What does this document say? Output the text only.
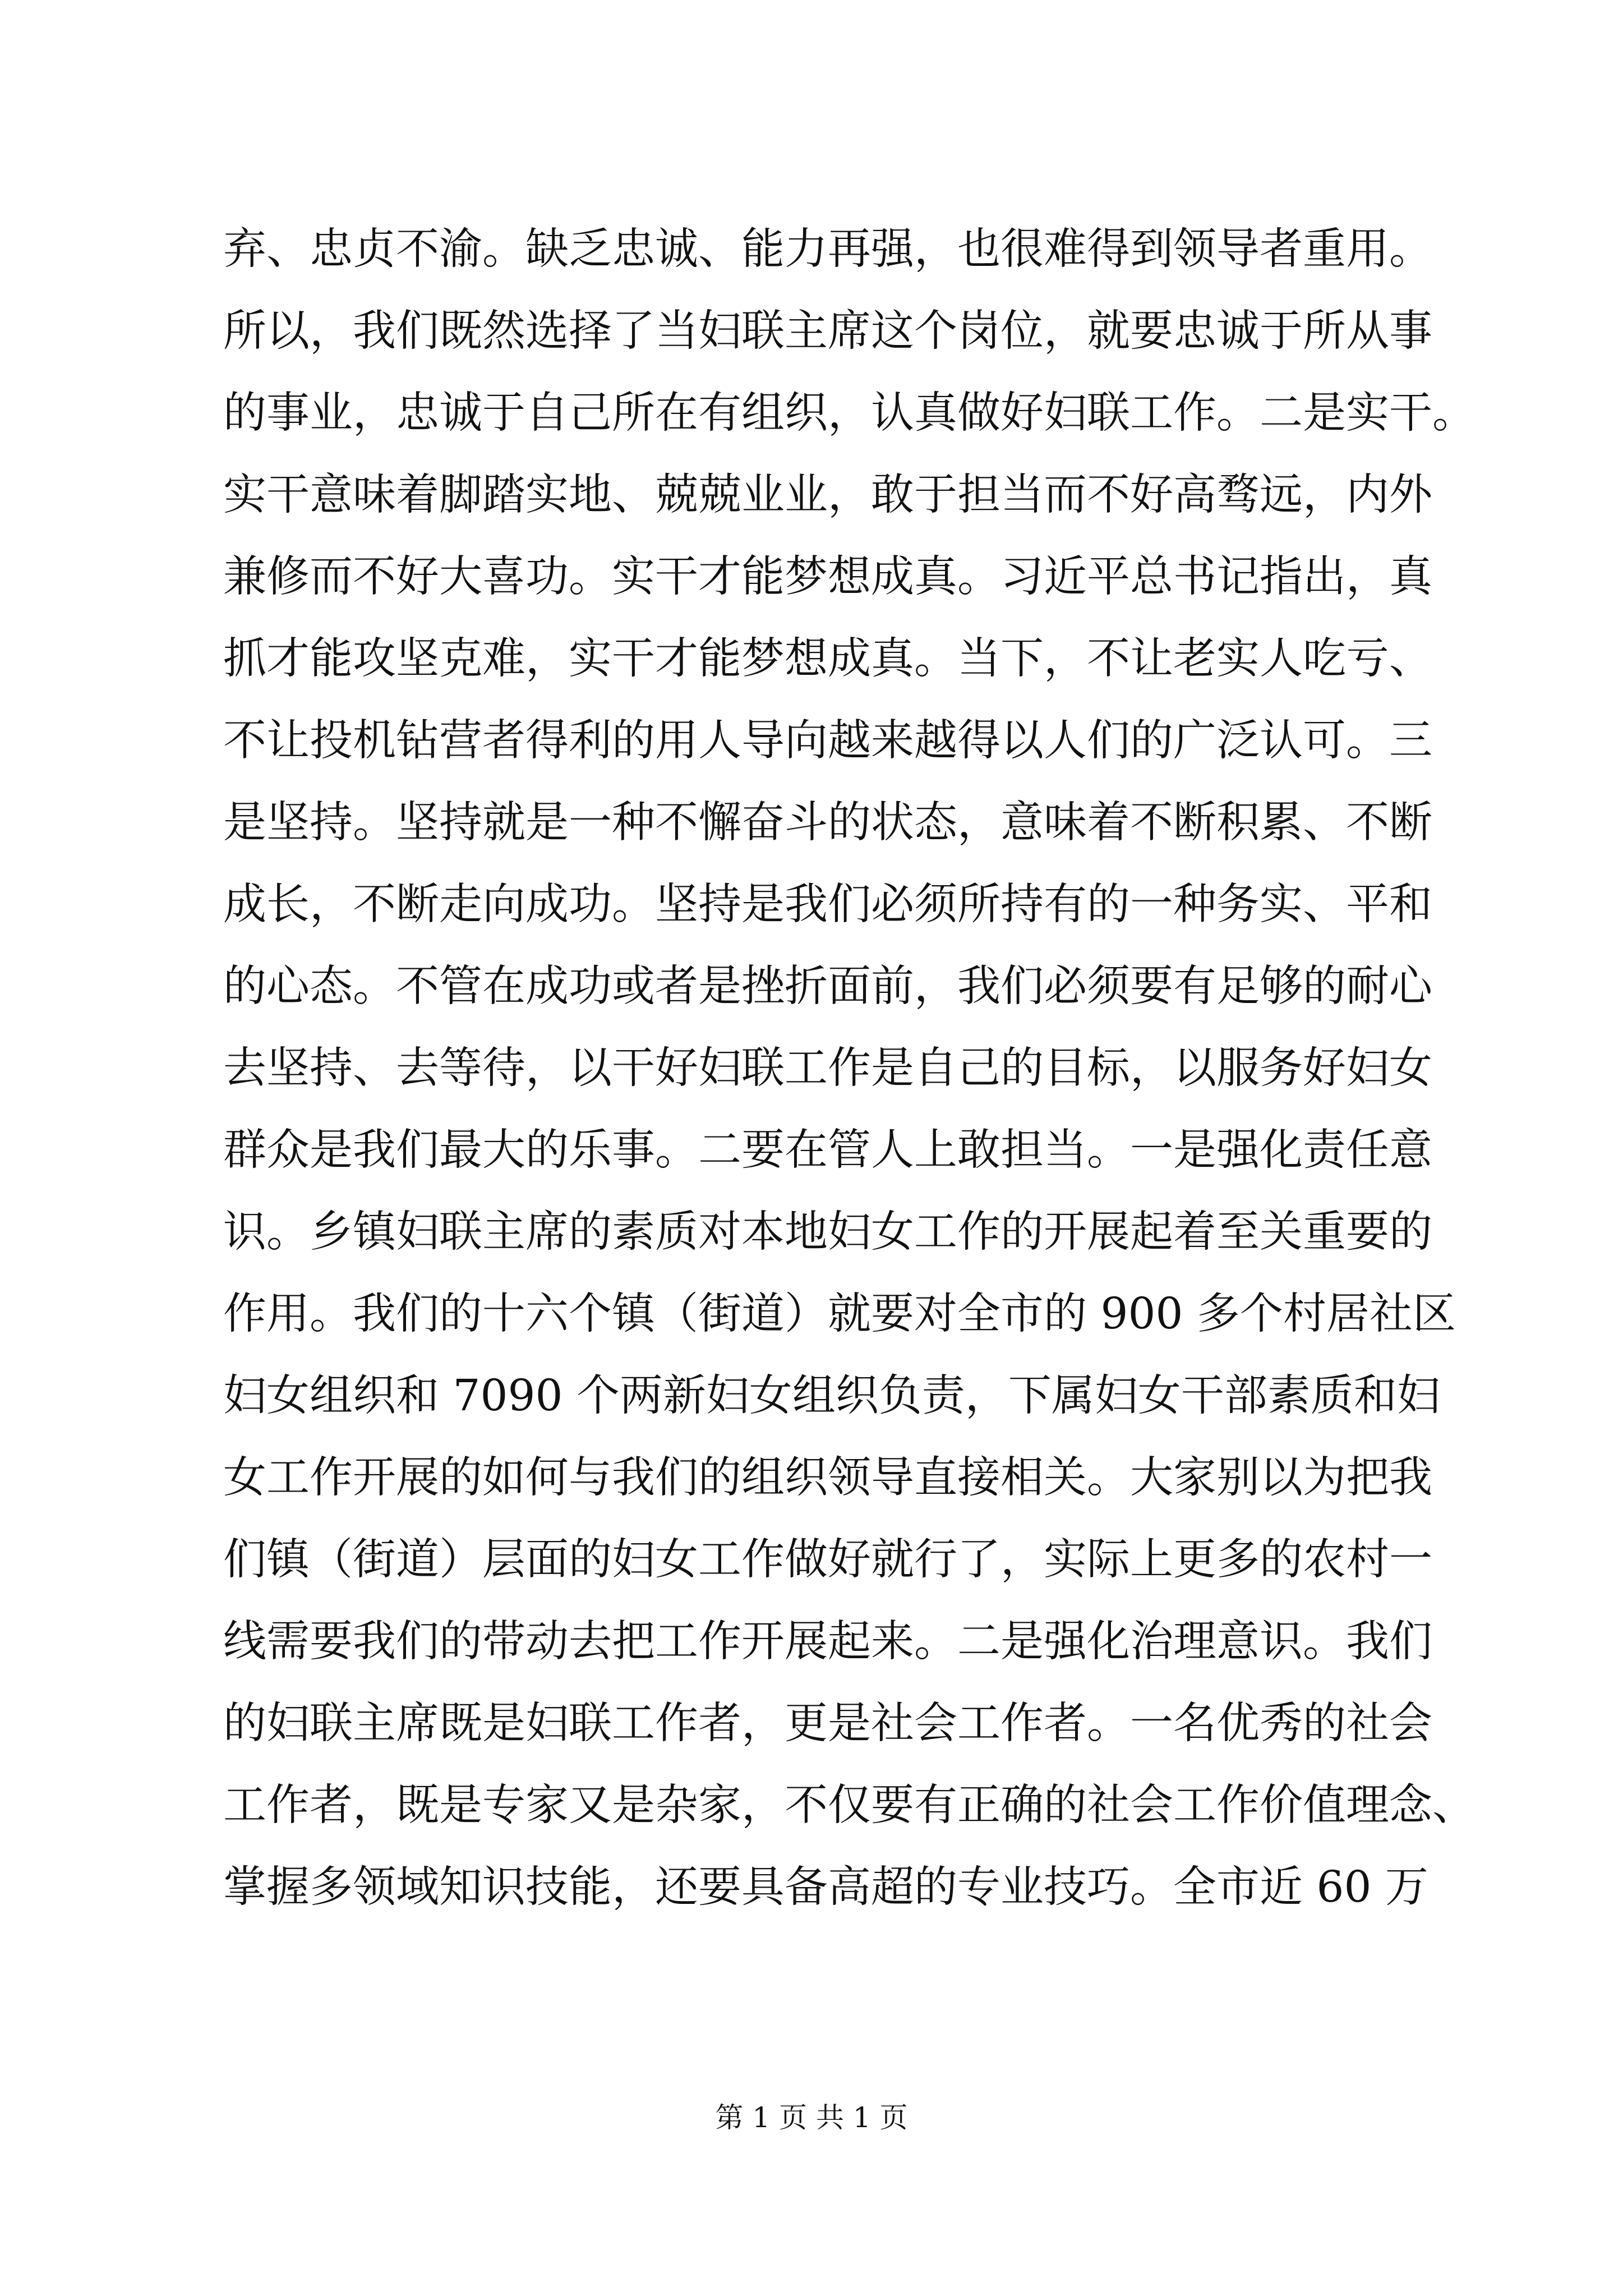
弃、忠贞不渝。缺乏忠诚、能力再强，也很难得到领导者重用。
所以，我们既然选择了当妇联主席这个岗位，就要忠诚于所从事
的事业，忠诚于自己所在有组织，认真做好妇联工作。二是实干。
实干意味着脚踏实地、兢兢业业，敢于担当而不好高骛远，内外
兼修而不好大喜功。实干才能梦想成真。习近平总书记指出，真
抓才能攻坚克难，实干才能梦想成真。当下，不让老实人吃亏、
不让投机钻营者得利的用人导向越来越得以人们的广泛认可。三
是坚持。坚持就是一种不懈奋斗的状态，意味着不断积累、不断
成长，不断走向成功。坚持是我们必须所持有的一种务实、平和
的心态。不管在成功或者是挫折面前，我们必须要有足够的耐心
去坚持、去等待，以干好妇联工作是自己的目标，以服务好妇女
群众是我们最大的乐事。二要在管人上敢担当。一是强化责任意
识。乡镇妇联主席的素质对本地妇女工作的开展起着至关重要的
作用。我们的十六个镇（街道）就要对全市的 900 多个村居社区
妇女组织和 7090 个两新妇女组织负责，下属妇女干部素质和妇
女工作开展的如何与我们的组织领导直接相关。大家别以为把我
们镇（街道）层面的妇女工作做好就行了，实际上更多的农村一
线需要我们的带动去把工作开展起来。二是强化治理意识。我们
的妇联主席既是妇联工作者，更是社会工作者。一名优秀的社会
工作者，既是专家又是杂家，不仅要有正确的社会工作价值理念、
掌握多领域知识技能，还要具备高超的专业技巧。全市近 60 万
第 1 页 共 1 页
